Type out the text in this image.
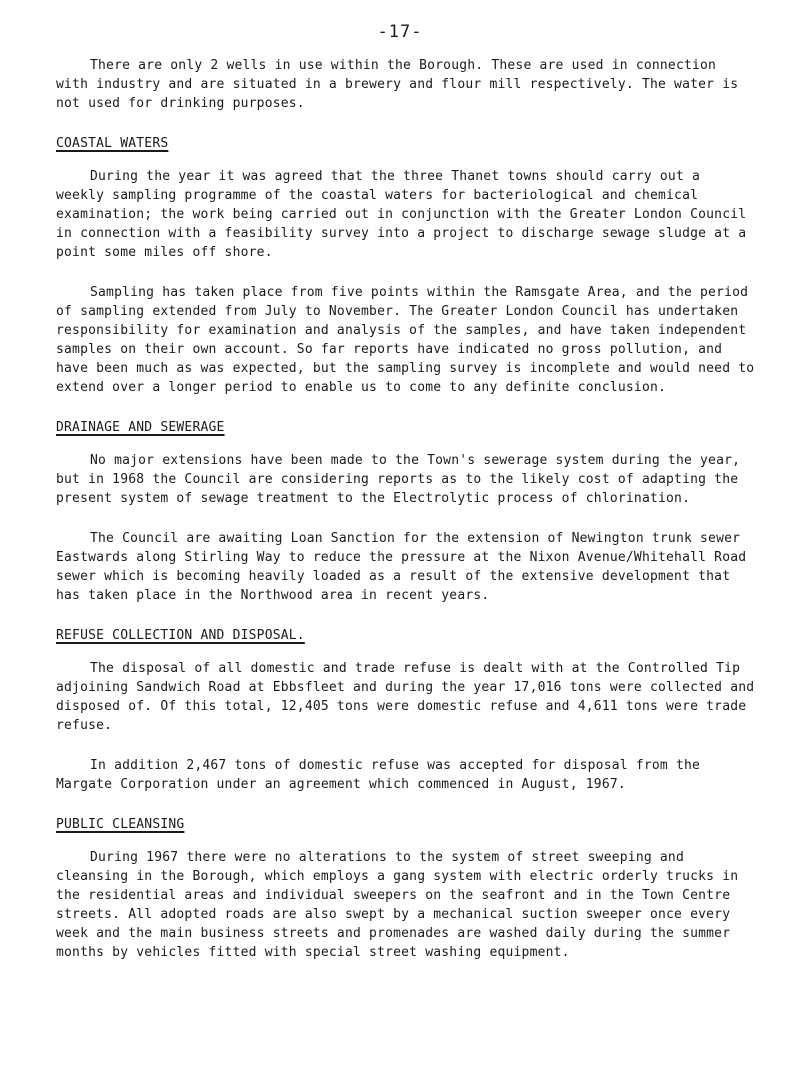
-17-

There are only 2 wells in use within the Borough. These are used in connection with industry and are situated in a brewery and flour mill respectively. The water is not used for drinking purposes.

COASTAL WATERS

During the year it was agreed that the three Thanet towns should carry out a weekly sampling programme of the coastal waters for bacteriological and chemical examination; the work being carried out in conjunction with the Greater London Council in connection with a feasibility survey into a project to discharge sewage sludge at a point some miles off shore.

Sampling has taken place from five points within the Ramsgate Area, and the period of sampling extended from July to November. The Greater London Council has undertaken responsibility for examination and analysis of the samples, and have taken independent samples on their own account. So far reports have indicated no gross pollution, and have been much as was expected, but the sampling survey is incomplete and would need to extend over a longer period to enable us to come to any definite conclusion.

DRAINAGE AND SEWERAGE

No major extensions have been made to the Town's sewerage system during the year, but in 1968 the Council are considering reports as to the likely cost of adapting the present system of sewage treatment to the Electrolytic process of chlorination.

The Council are awaiting Loan Sanction for the extension of Newington trunk sewer Eastwards along Stirling Way to reduce the pressure at the Nixon Avenue/Whitehall Road sewer which is becoming heavily loaded as a result of the extensive development that has taken place in the Northwood area in recent years.

REFUSE COLLECTION AND DISPOSAL.

The disposal of all domestic and trade refuse is dealt with at the Controlled Tip adjoining Sandwich Road at Ebbsfleet and during the year 17,016 tons were collected and disposed of. Of this total, 12,405 tons were domestic refuse and 4,611 tons were trade refuse.

In addition 2,467 tons of domestic refuse was accepted for disposal from the Margate Corporation under an agreement which commenced in August, 1967.

PUBLIC CLEANSING

During 1967 there were no alterations to the system of street sweeping and cleansing in the Borough, which employs a gang system with electric orderly trucks in the residential areas and individual sweepers on the seafront and in the Town Centre streets. All adopted roads are also swept by a mechanical suction sweeper once every week and the main business streets and promenades are washed daily during the summer months by vehicles fitted with special street washing equipment.
